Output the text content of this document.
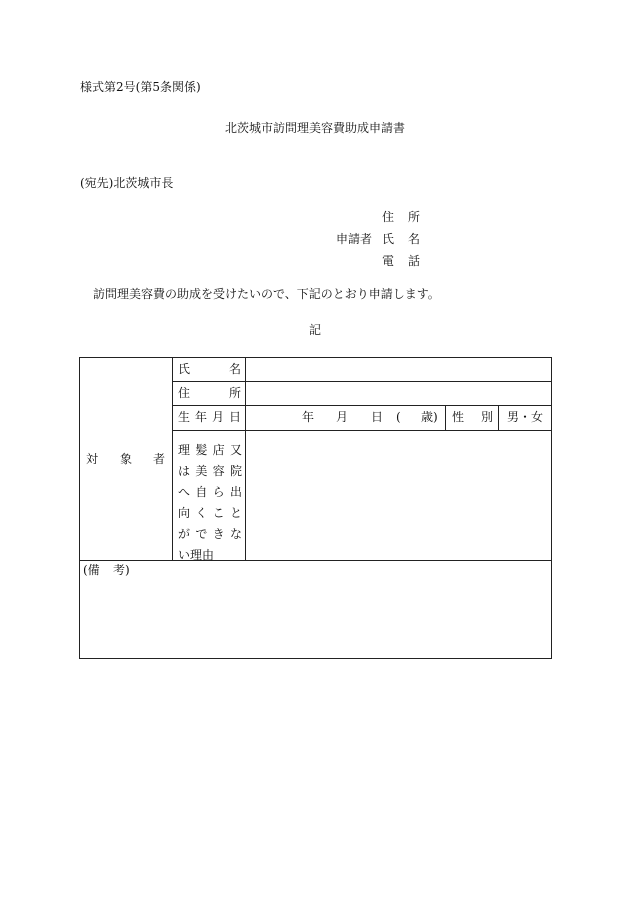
様式第2号(第5条関係)
北茨城市訪問理美容費助成申請書
(宛先)北茨城市長
住 所
申請者 氏 名
電 話
訪問理美容費の助成を受けたいので、下記のとおり申請します。
記
対 象 者
氏	名
住	所
生 年 月 日	年 月 日 ( 歳) 性 別 男・女
理 髪 店 又
は 美 容 院
へ 自 ら 出
向 く こ と
が で き な
い理由
(備 考)
